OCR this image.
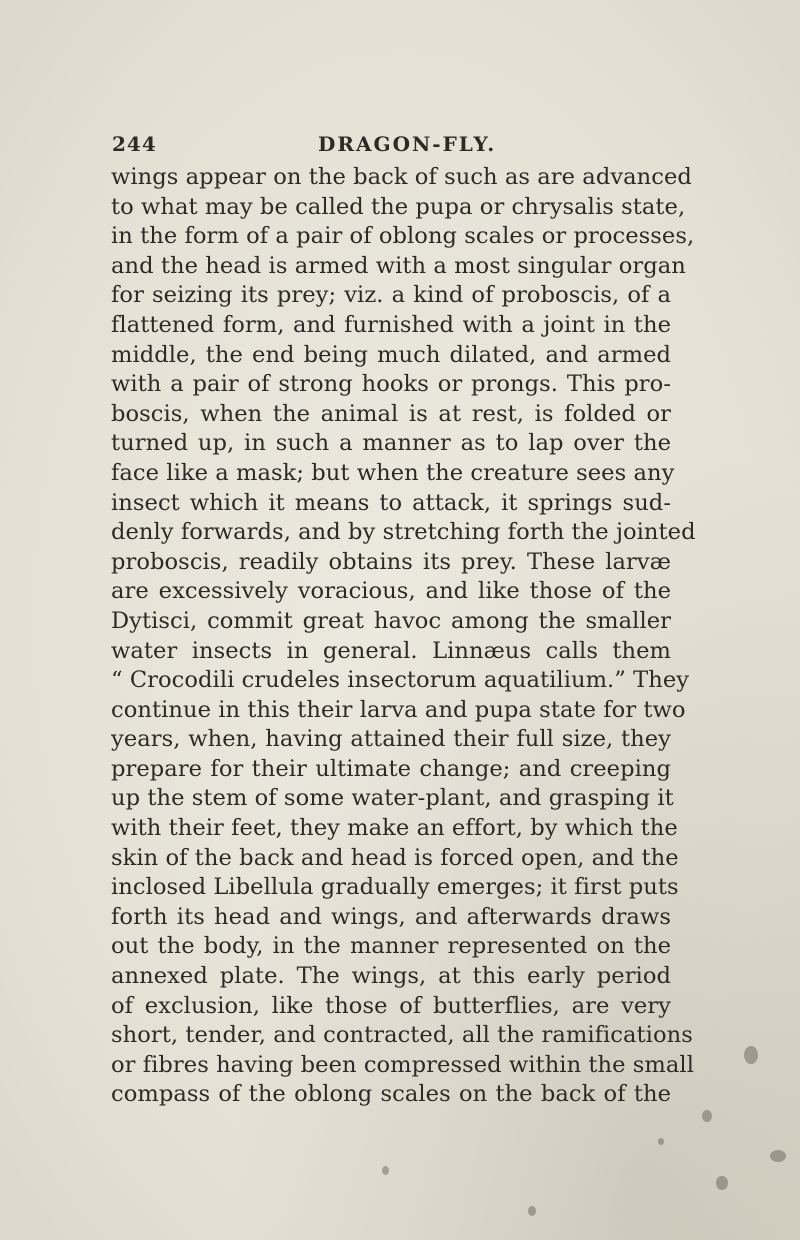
244	DRAGON-FLY.
wings appear on the back of such as are advanced
to what may be called the pupa or chrysalis state,
in the form of a pair of oblong scales or processes,
and the head is armed with a most singular organ
for seizing its prey; viz. a kind of proboscis, of a
flattened form, and furnished with a joint in the
middle, the end being much dilated, and armed
with a pair of strong hooks or prongs. This pro-
boscis, when the animal is at rest, is folded or
turned up, in such a manner as to lap over the
face like a mask; but when the creature sees any
insect which it means to attack, it springs sud-
denly forwards, and by stretching forth the jointed
proboscis, readily obtains its prey. These larvæ
are excessively voracious, and like those of the
Dytisci, commit great havoc among the smaller
water insects in general. Linnæus calls them
“ Crocodili crudeles insectorum aquatilium.” They
continue in this their larva and pupa state for two
years, when, having attained their full size, they
prepare for their ultimate change; and creeping
up the stem of some water-plant, and grasping it
with their feet, they make an effort, by which the
skin of the back and head is forced open, and the
inclosed Libellula gradually emerges; it first puts
forth its head and wings, and afterwards draws
out the body, in the manner represented on the
annexed plate. The wings, at this early period
of exclusion, like those of butterflies, are very
short, tender, and contracted, all the ramifications
or fibres having been compressed within the small
compass of the oblong scales on the back of the
